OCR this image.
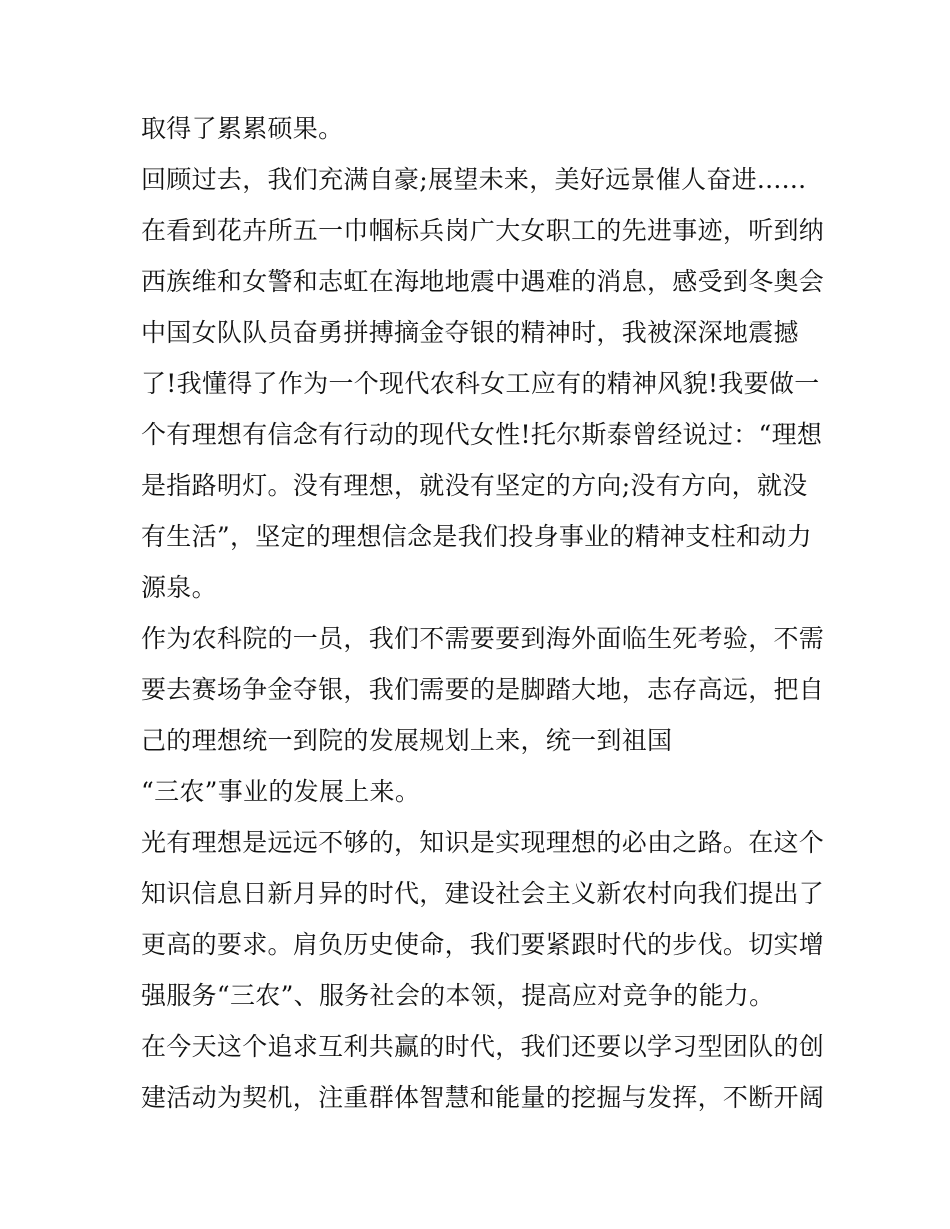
取得了累累硕果。
回顾过去，我们充满自豪;展望未来，美好远景催人奋进......
在看到花卉所五一巾帼标兵岗广大女职工的先进事迹，听到纳
西族维和女警和志虹在海地地震中遇难的消息，感受到冬奥会
中国女队队员奋勇拼搏摘金夺银的精神时，我被深深地震撼
了!我懂得了作为一个现代农科女工应有的精神风貌!我要做一
个有理想有信念有行动的现代女性!托尔斯泰曾经说过：“理想
是指路明灯。没有理想，就没有坚定的方向;没有方向，就没
有生活”，坚定的理想信念是我们投身事业的精神支柱和动力
源泉。
作为农科院的一员，我们不需要要到海外面临生死考验，不需
要去赛场争金夺银，我们需要的是脚踏大地，志存高远，把自
己的理想统一到院的发展规划上来，统一到祖国
“三农”事业的发展上来。
光有理想是远远不够的，知识是实现理想的必由之路。在这个
知识信息日新月异的时代，建设社会主义新农村向我们提出了
更高的要求。肩负历史使命，我们要紧跟时代的步伐。切实增
强服务“三农”、服务社会的本领，提高应对竞争的能力。
在今天这个追求互利共赢的时代，我们还要以学习型团队的创
建活动为契机，注重群体智慧和能量的挖掘与发挥，不断开阔
